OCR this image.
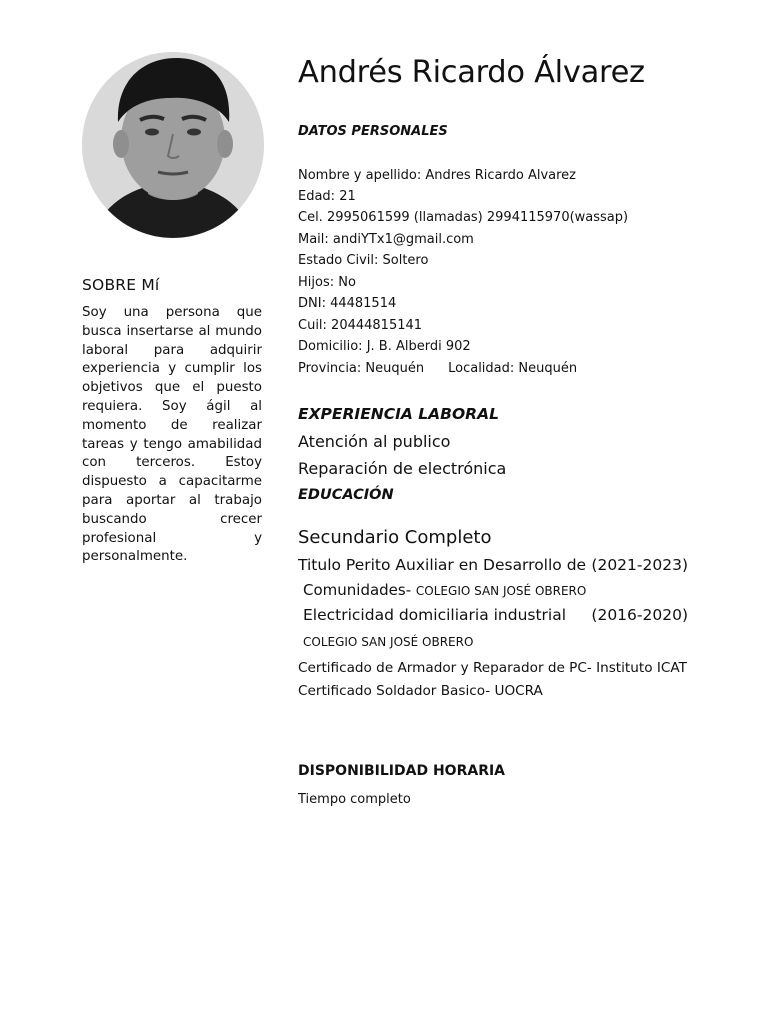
SOBRE Mí

Soy una persona que busca insertarse al mundo laboral para adquirir experiencia y cumplir los objetivos que el puesto requiera. Soy ágil al momento de realizar tareas y tengo amabilidad con terceros. Estoy dispuesto a capacitarme para aportar al trabajo buscando crecer profesional y personalmente.

Andrés Ricardo Álvarez
DATOS PERSONALES

Nombre y apellido: Andres Ricardo Alvarez

Edad: 21

Cel. 2995061599 (llamadas) 2994115970(wassap)

Mail: andiYTx1@gmail.com

Estado Civil: Soltero

Hijos: No

DNI: 44481514

Cuil: 20444815141

Domicilio: J. B. Alberdi 902

Provincia: Neuquén Localidad: Neuquén

EXPERIENCIA LABORAL

Atención al publico

Reparación de electrónica

EDUCACIÓN

Secundario Completo

Titulo Perito Auxiliar en Desarrollo de (2021-2023)

Comunidades- COLEGIO SAN JOSÉ OBRERO

Electricidad domiciliaria industrial (2016-2020)

COLEGIO SAN JOSÉ OBRERO

Certificado de Armador y Reparador de PC- Instituto ICAT

Certificado Soldador Basico- UOCRA

DISPONIBILIDAD HORARIA

Tiempo completo
